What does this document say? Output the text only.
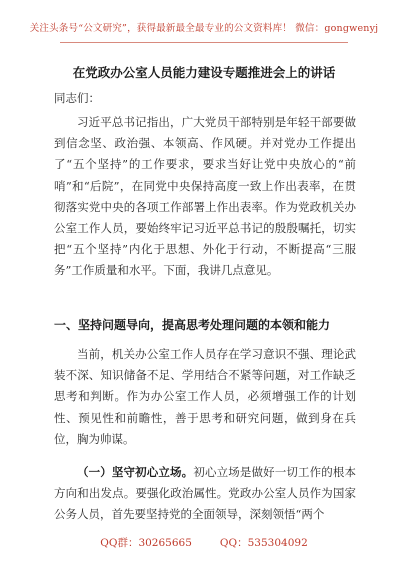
关注头条号“公文研究”，获得最新最全最专业的公文资料库！ 微信：gongwenyj
在党政办公室人员能力建设专题推进会上的讲话
同志们：
习近平总书记指出，广大党员干部特别是年轻干部要做到信念坚、政治强、本领高、作风硬。并对党办工作提出了“五个坚持”的工作要求，要求当好让党中央放心的“前哨”和“后院”，在同党中央保持高度一致上作出表率，在贯彻落实党中央的各项工作部署上作出表率。作为党政机关办公室工作人员，要始终牢记习近平总书记的殷殷嘱托，切实把“五个坚持”内化于思想、外化于行动，不断提高“三服务”工作质量和水平。下面，我讲几点意见。
一、坚持问题导向，提高思考处理问题的本领和能力
当前，机关办公室工作人员存在学习意识不强、理论武装不深、知识储备不足、学用结合不紧等问题，对工作缺乏思考和判断。作为办公室工作人员，必须增强工作的计划性、预见性和前瞻性，善于思考和研究问题，做到身在兵位，胸为帅谋。
（一）坚守初心立场。初心立场是做好一切工作的根本方向和出发点。要强化政治属性。党政办公室人员作为国家公务人员，首先要坚持党的全面领导，深刻领悟“两个
QQ群：30265665	QQ：535304092
